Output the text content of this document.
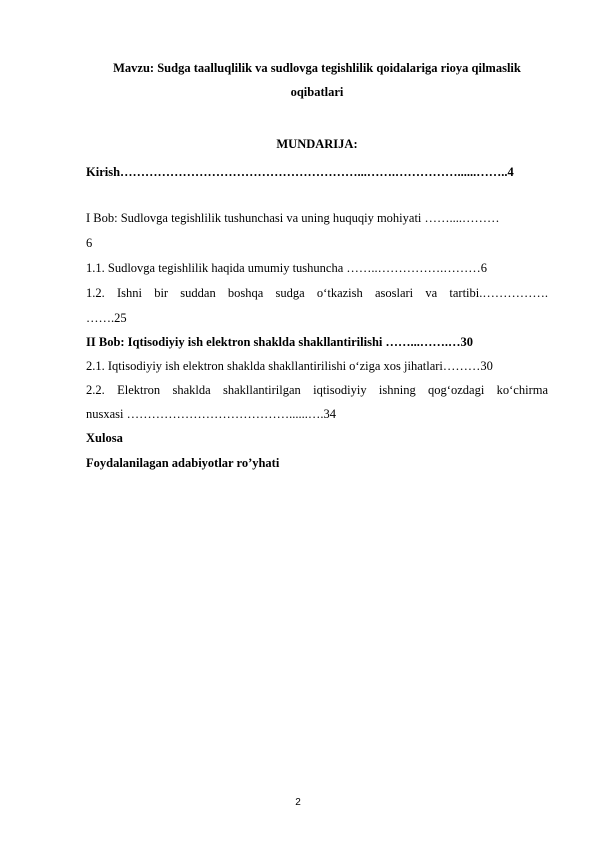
Mavzu: Sudga taalluqlilik va sudlovga tegishlilik qoidalariga rioya qilmaslik oqibatlari
MUNDARIJA:
Kirish…………………………………………………...…….……………......……..4
I Bob: Sudlovga tegishlilik tushunchasi va uning huquqiy mohiyati ……....………
6
1.1. Sudlovga tegishlilik haqida umumiy tushuncha ……..…………….………6
1.2. Ishni bir suddan boshqa sudga o‘tkazish asoslari va tartibi.…………….
…….25
II Bob: Iqtisodiyiy ish elektron shaklda shakllantirilishi ……...…….…30
2.1. Iqtisodiyiy ish elektron shaklda shakllantirilishi o‘ziga xos jihatlari………30
2.2. Elektron shaklda shakllantirilgan iqtisodiyiy ishning qog‘ozdagi ko‘chirma
nusxasi …………………………………......….34
Xulosa
Foydalanilagan adabiyotlar ro’yhati
2
